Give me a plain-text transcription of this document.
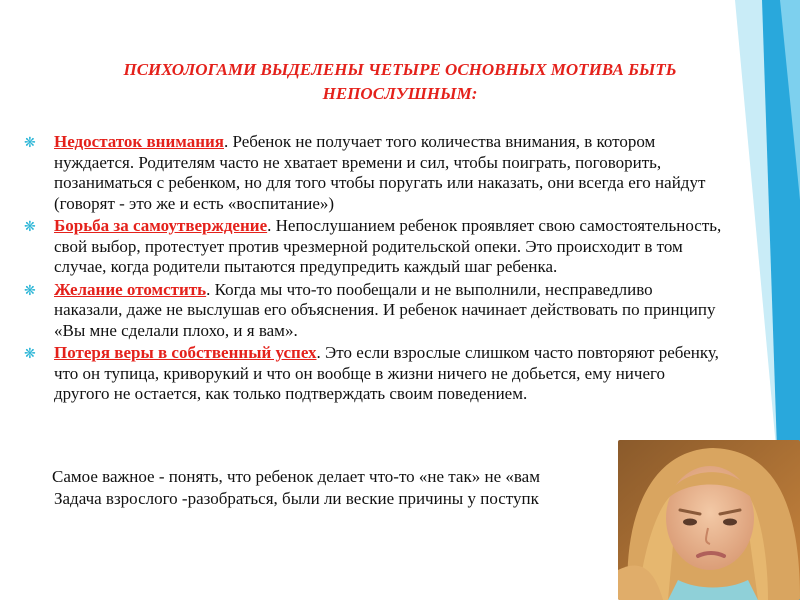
ПСИХОЛОГАМИ ВЫДЕЛЕНЫ ЧЕТЫРЕ ОСНОВНЫХ МОТИВА БЫТЬ
НЕПОСЛУШНЫМ:
❋ Недостаток внимания. Ребенок не получает того количества внимания, в котором нуждается. Родителям часто не хватает времени и сил, чтобы поиграть, поговорить, позаниматься с ребенком, но для того чтобы поругать или наказать, они всегда его найдут (говорят - это же и есть «воспитание»)
❋ Борьба за самоутверждение. Непослушанием ребенок проявляет свою самостоятельность, свой выбор, протестует против чрезмерной родительской опеки. Это происходит в том случае, когда родители пытаются предупредить каждый шаг ребенка.
❋ Желание отомстить. Когда мы что-то пообещали и не выполнили, несправедливо наказали, даже не выслушав его объяснения. И ребенок начинает действовать по принципу «Вы мне сделали плохо, и я вам».
❋ Потеря веры в собственный успех. Это если взрослые слишком часто повторяют ребенку, что он тупица, криворукий и что он вообще в жизни ничего не добьется, ему ничего другого не остается, как только подтверждать своим поведением.
Самое важное - понять, что ребенок делает что-то «не так» не «вам
Задача взрослого -разобраться, были ли веские причины у поступк
